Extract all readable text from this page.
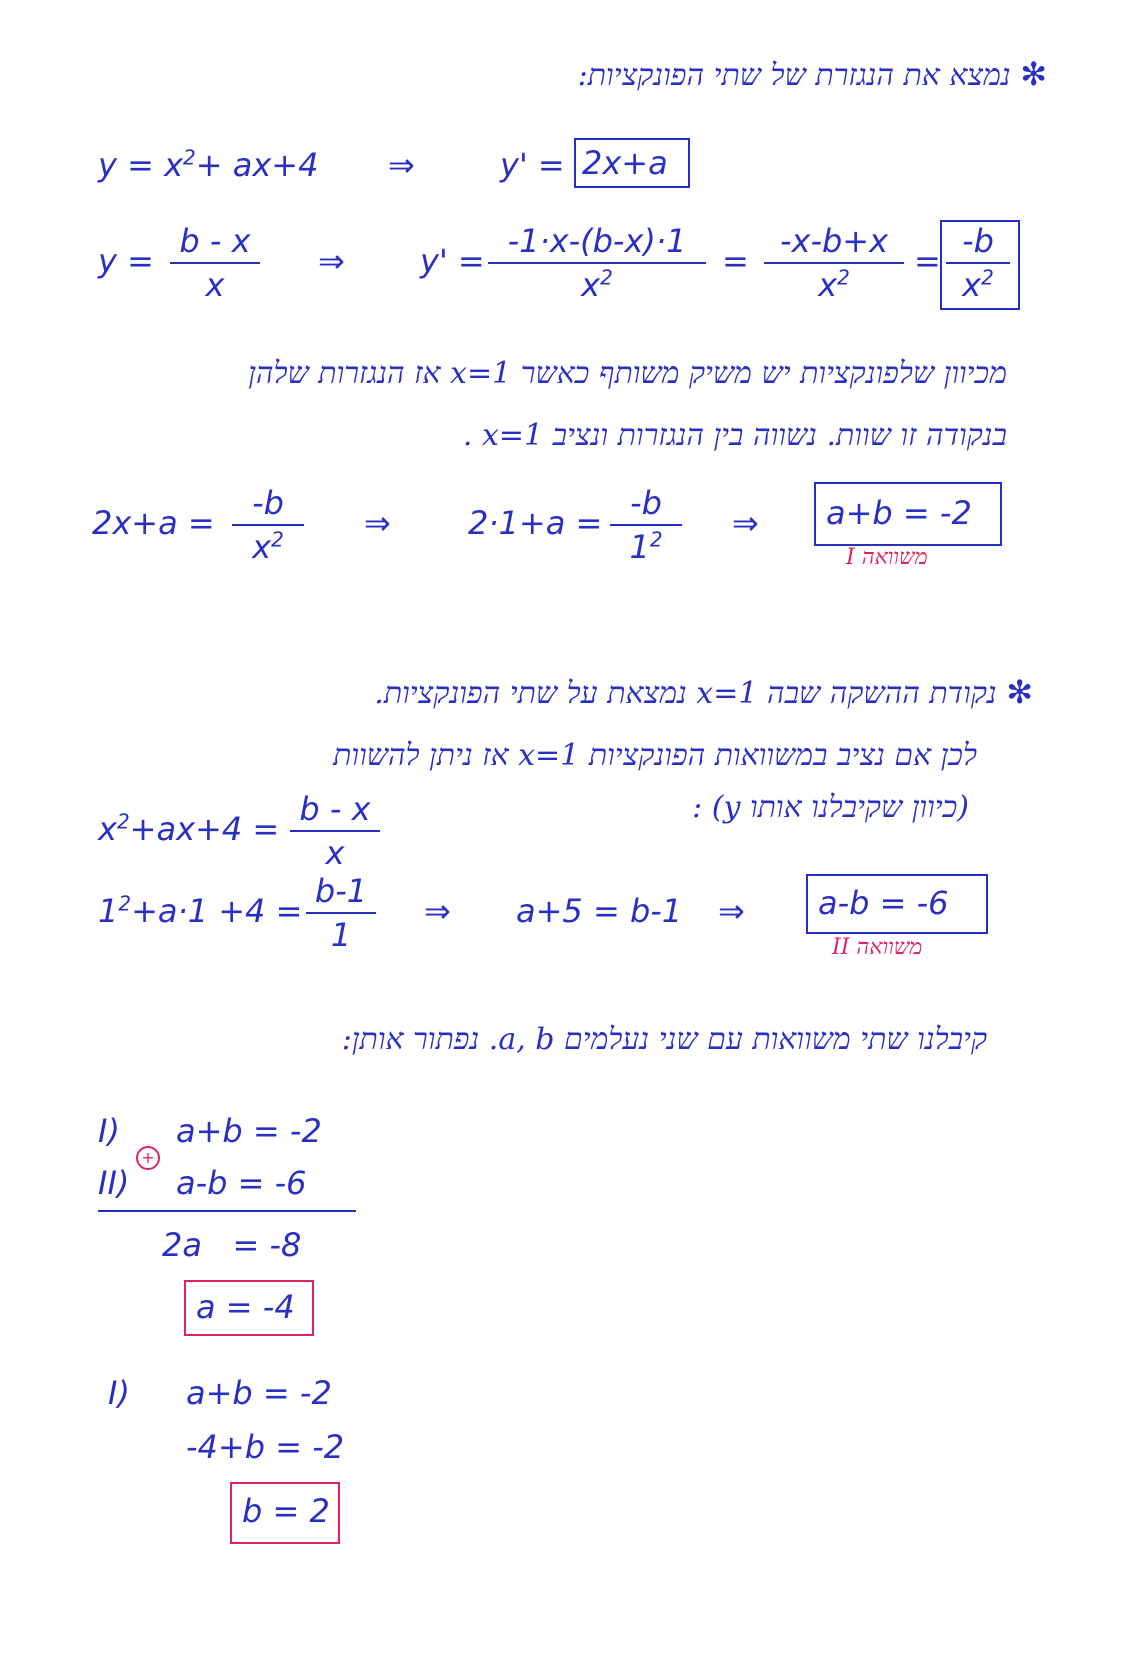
✻ נמצא את הנגזרת של שתי הפונקציות:
$y = x^2+ ax+4$ ⇒	y' = 2x+a
y =
b - x
x
⇒ y' =
-1·x-(b-x)·1
$x^2$	=
-x-b+x
$x^2$	=
-b
$x^2$
מכיוון שלפונקציות יש משיק משותף כאשר x=1 אז הנגזרות שלהן
בנקודה זו שוות. נשווה בין הנגזרות ונציב x=1 .
2x+a =
-b
$x^2$	⇒ 2·1+a =
-b
$1^2$	⇒ a+b = -2
משוואה I
✻ נקודת ההשקה שבה x=1 נמצאת על שתי הפונקציות.
לכן אם נציב במשוואות הפונקציות x=1 אז ניתן להשוות
(כיוון שקיבלנו אותו y) :
$x^2+ax+4$ =
b - x
x
$1^2+a\cdot 1 +4$ =
b-1
1
⇒ a+5 = b-1 ⇒ a-b = -6
משוואה II
קיבלנו שתי משוואות עם שני נעלמים a, b. נפתור אותן:
I) a+b = -2
+
II) a-b = -6
2a   = -8
a = -4
I) a+b = -2
-4+b = -2
b = 2
